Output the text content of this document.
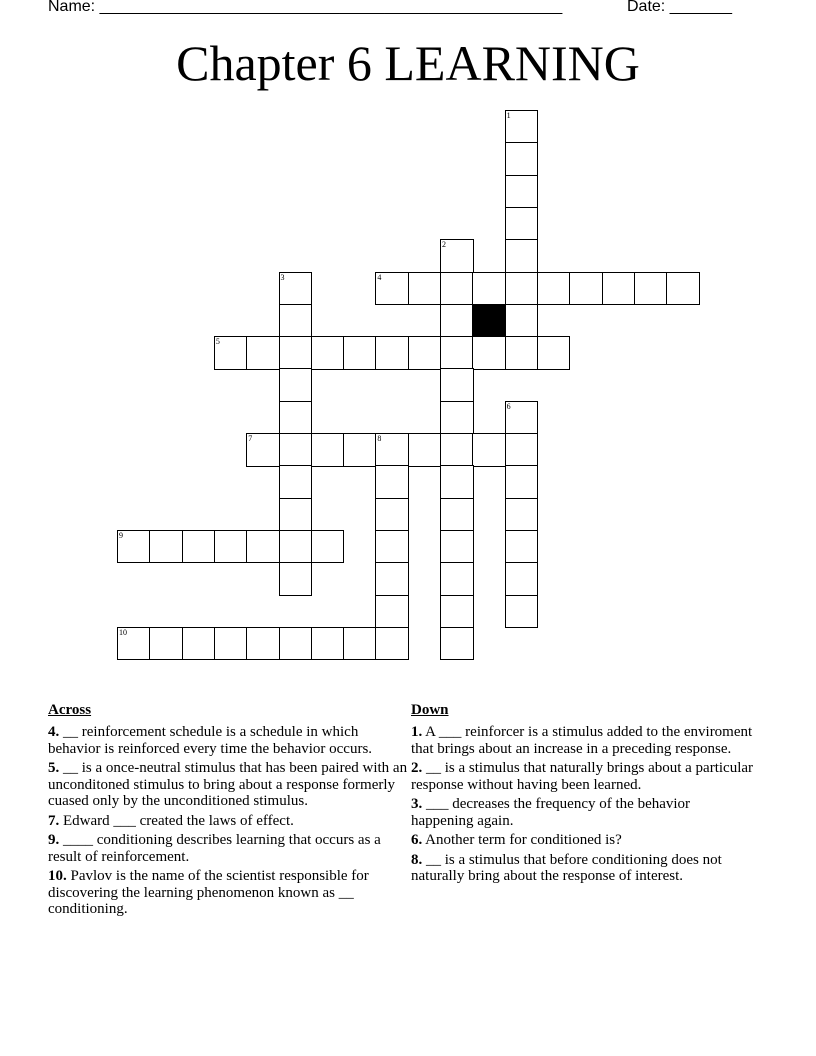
Name: ____________________________________________________	Date: _______
Chapter 6 LEARNING
4
5
7	8
9
10
1
2
3
6
Across
4. __ reinforcement schedule is a schedule in which behavior is reinforced every time the behavior occurs.
5. __ is a once-neutral stimulus that has been paired with an unconditoned stimulus to bring about a response formerly cuased only by the unconditioned stimulus.
7. Edward ___ created the laws of effect.
9. ____ conditioning describes learning that occurs as a result of reinforcement.
10. Pavlov is the name of the scientist responsible for discovering the learning phenomenon known as __ conditioning.
Down
1. A ___ reinforcer is a stimulus added to the enviroment that brings about an increase in a preceding response.
2. __ is a stimulus that naturally brings about a particular response without having been learned.
3. ___ decreases the frequency of the behavior happening again.
6. Another term for conditioned is?
8. __ is a stimulus that before conditioning does not naturally bring about the response of interest.
